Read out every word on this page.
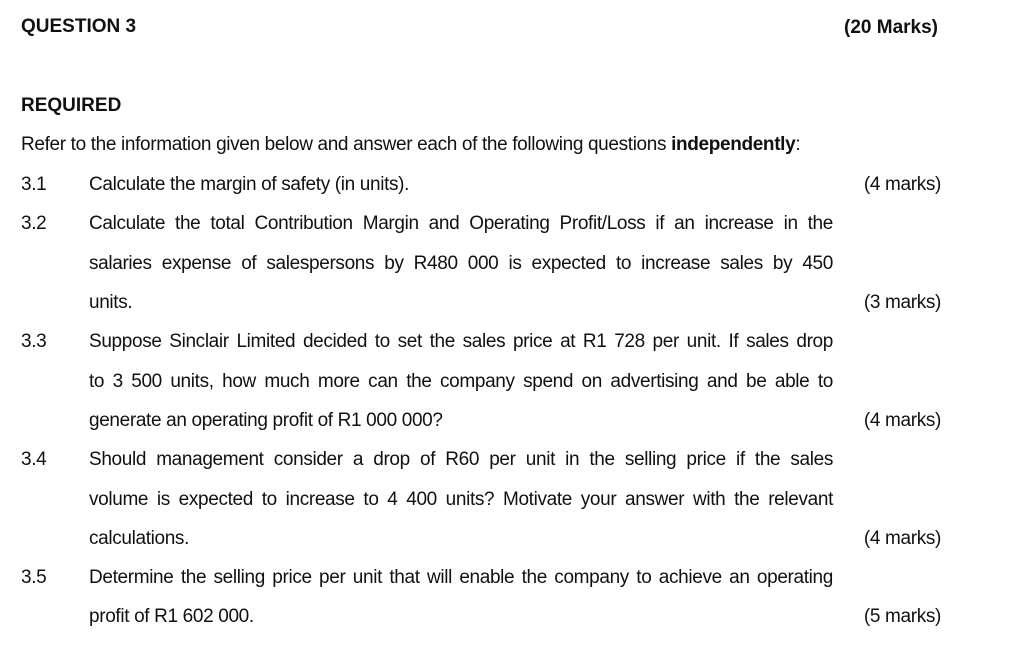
QUESTION 3	(20 Marks)
REQUIRED
Refer to the information given below and answer each of the following questions independently:
3.1 Calculate the margin of safety (in units).	(4 marks)
3.2 Calculate the total Contribution Margin and Operating Profit/Loss if an increase in the
salaries expense of salespersons by R480 000 is expected to increase sales by 450
units.	(3 marks)
3.3 Suppose Sinclair Limited decided to set the sales price at R1 728 per unit. If sales drop
to 3 500 units, how much more can the company spend on advertising and be able to
generate an operating profit of R1 000 000?	(4 marks)
3.4 Should management consider a drop of R60 per unit in the selling price if the sales
volume is expected to increase to 4 400 units? Motivate your answer with the relevant
calculations.	(4 marks)
3.5 Determine the selling price per unit that will enable the company to achieve an operating
profit of R1 602 000.	(5 marks)
